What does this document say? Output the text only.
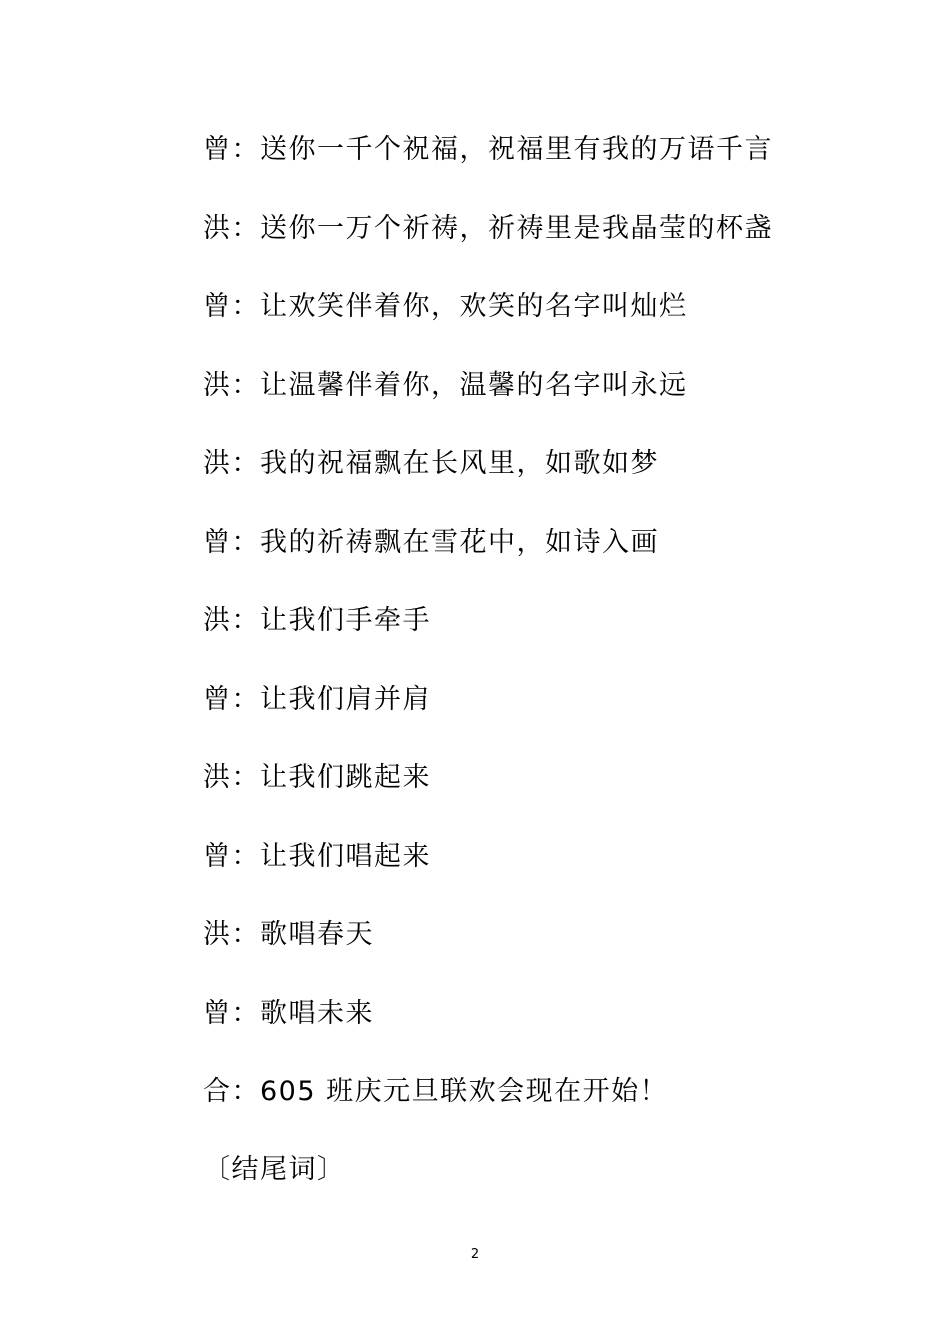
曾：送你一千个祝福，祝福里有我的万语千言
洪：送你一万个祈祷，祈祷里是我晶莹的杯盏
曾：让欢笑伴着你，欢笑的名字叫灿烂
洪：让温馨伴着你，温馨的名字叫永远
洪：我的祝福飘在长风里，如歌如梦
曾：我的祈祷飘在雪花中，如诗入画
洪：让我们手牵手
曾：让我们肩并肩
洪：让我们跳起来
曾：让我们唱起来
洪：歌唱春天
曾：歌唱未来
合：605 班庆元旦联欢会现在开始！
〔结尾词〕
2
